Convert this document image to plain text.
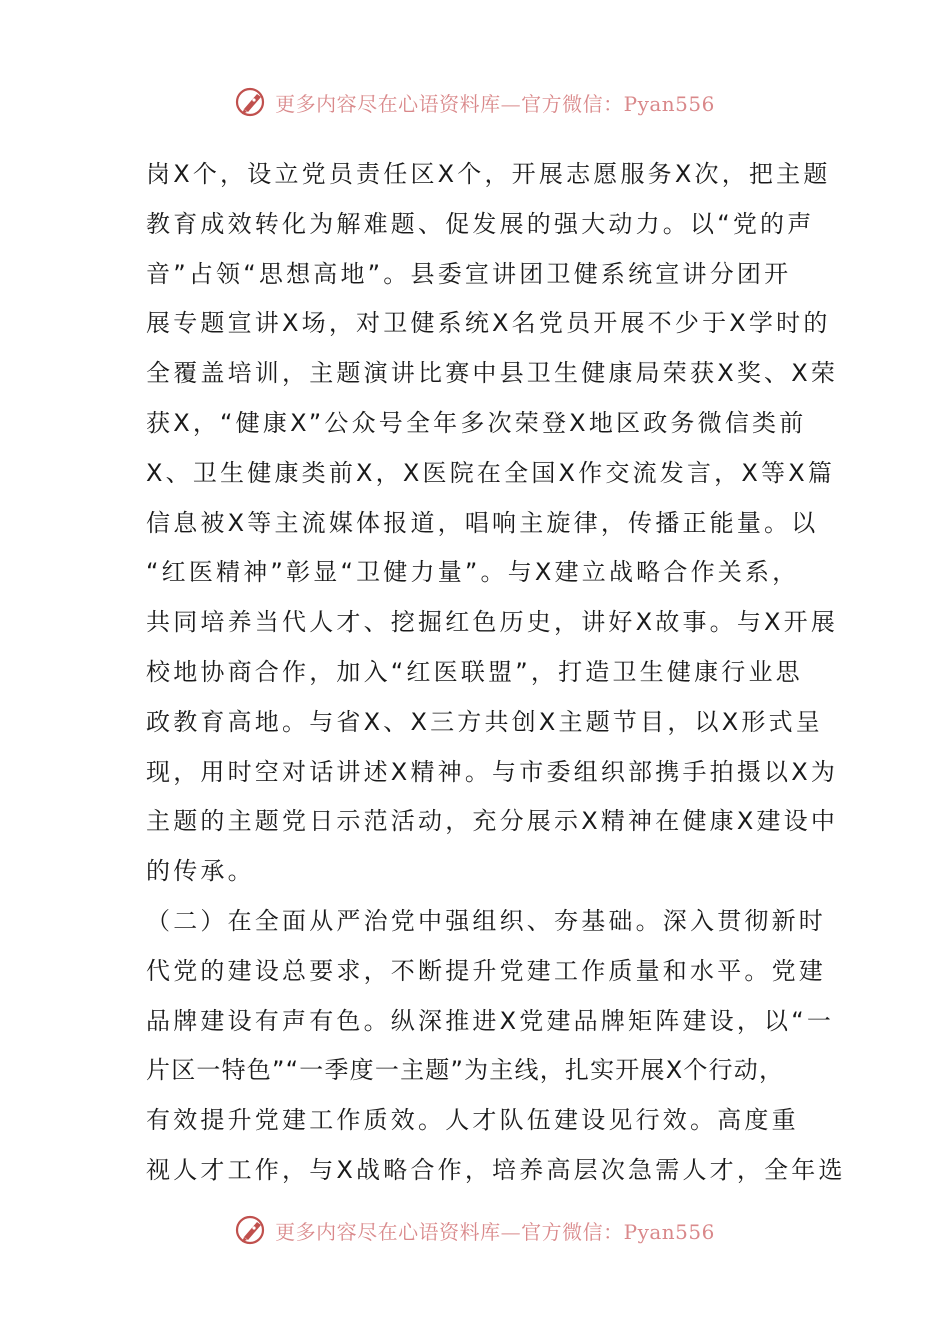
更多内容尽在心语资料库—官方微信：Pyan556
岗X个，设立党员责任区X个，开展志愿服务X次，把主题
教育成效转化为解难题、促发展的强大动力。以“党的声
音”占领“思想高地”。县委宣讲团卫健系统宣讲分团开
展专题宣讲X场，对卫健系统X名党员开展不少于X学时的
全覆盖培训，主题演讲比赛中县卫生健康局荣获X奖、X荣
获X，“健康X”公众号全年多次荣登X地区政务微信类前
X、卫生健康类前X，X医院在全国X作交流发言，X等X篇
信息被X等主流媒体报道，唱响主旋律，传播正能量。以
“红医精神”彰显“卫健力量”。与X建立战略合作关系，
共同培养当代人才、挖掘红色历史，讲好X故事。与X开展
校地协商合作，加入“红医联盟”，打造卫生健康行业思
政教育高地。与省X、X三方共创X主题节目，以X形式呈
现，用时空对话讲述X精神。与市委组织部携手拍摄以X为
主题的主题党日示范活动，充分展示X精神在健康X建设中
的传承。
（二）在全面从严治党中强组织、夯基础。深入贯彻新时
代党的建设总要求，不断提升党建工作质量和水平。党建
品牌建设有声有色。纵深推进X党建品牌矩阵建设，以“一
片区一特色”“一季度一主题”为主线，扎实开展X个行动，
有效提升党建工作质效。人才队伍建设见行效。高度重
视人才工作，与X战略合作，培养高层次急需人才，全年选
更多内容尽在心语资料库—官方微信：Pyan556
